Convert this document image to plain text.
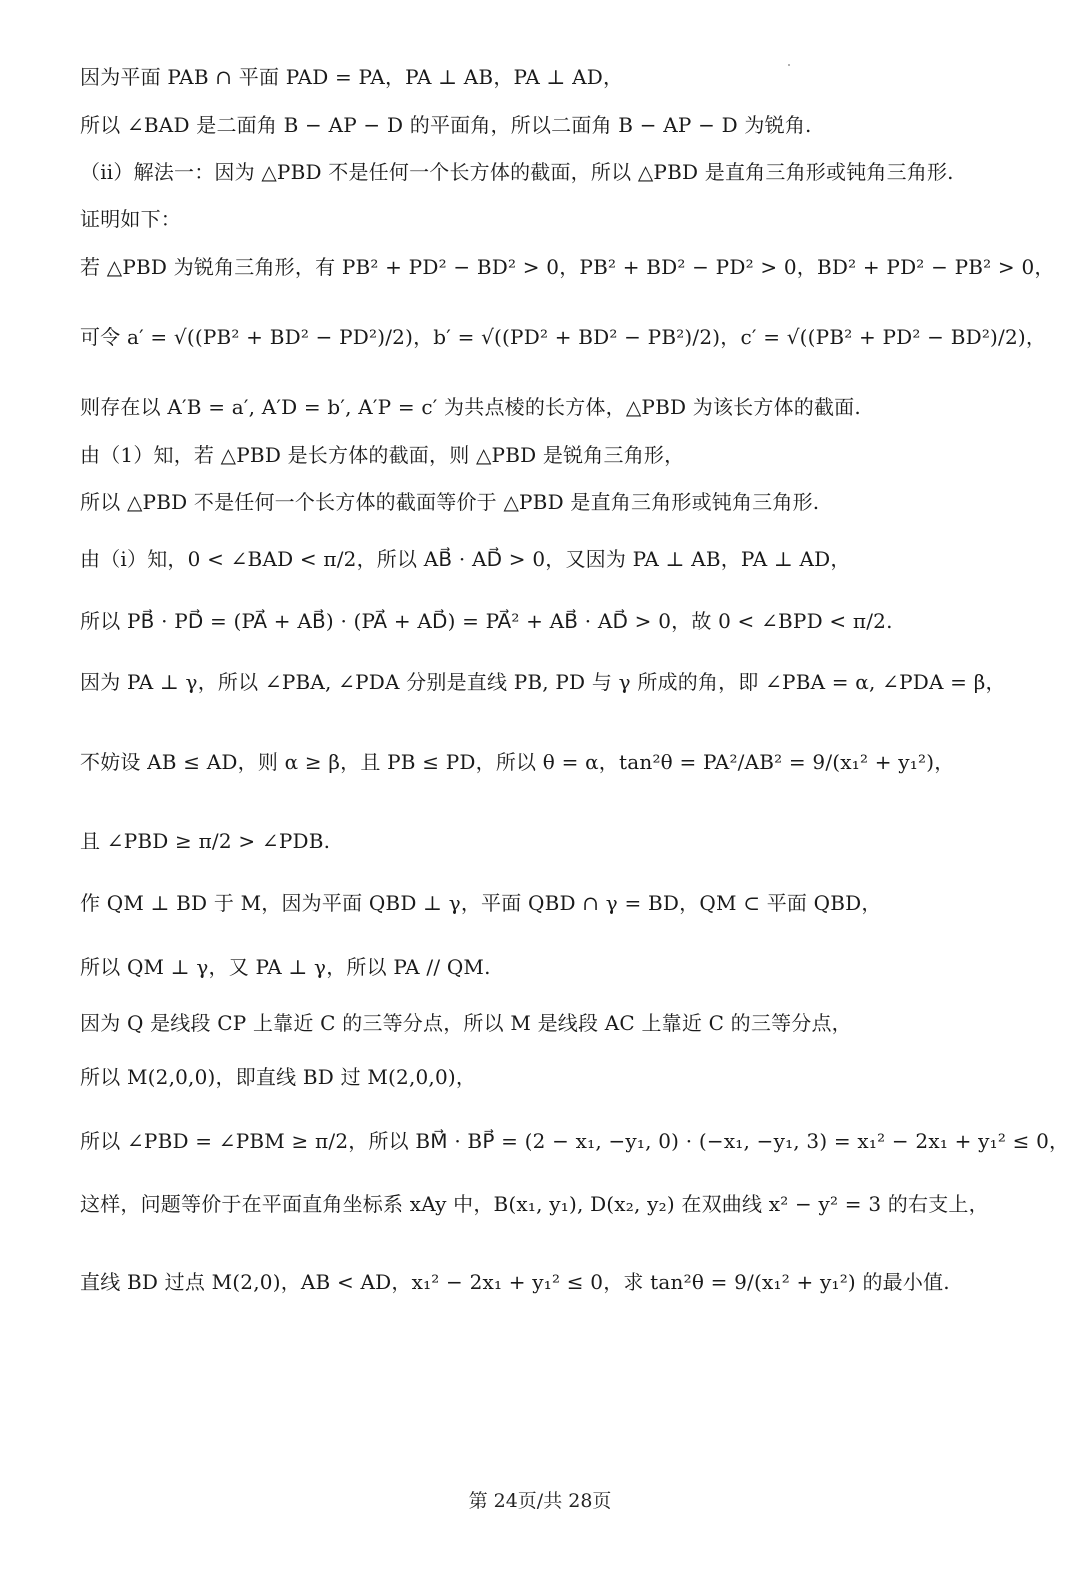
因为平面 PAB ∩ 平面 PAD = PA，PA ⊥ AB，PA ⊥ AD，
所以 ∠BAD 是二面角 B − AP − D 的平面角，所以二面角 B − AP − D 为锐角.
（ii）解法一：因为 △PBD 不是任何一个长方体的截面，所以 △PBD 是直角三角形或钝角三角形.
证明如下：
若 △PBD 为锐角三角形，有 PB² + PD² − BD² > 0，PB² + BD² − PD² > 0，BD² + PD² − PB² > 0，
可令 a′ = √((PB² + BD² − PD²)/2)，b′ = √((PD² + BD² − PB²)/2)，c′ = √((PB² + PD² − BD²)/2)，
则存在以 A′B = a′, A′D = b′, A′P = c′ 为共点棱的长方体，△PBD 为该长方体的截面.
由（1）知，若 △PBD 是长方体的截面，则 △PBD 是锐角三角形，
所以 △PBD 不是任何一个长方体的截面等价于 △PBD 是直角三角形或钝角三角形.
由（i）知，0 < ∠BAD < π/2，所以 AB⃗ · AD⃗ > 0，又因为 PA ⊥ AB，PA ⊥ AD，
所以 PB⃗ · PD⃗ = (PA⃗ + AB⃗) · (PA⃗ + AD⃗) = PA⃗² + AB⃗ · AD⃗ > 0，故 0 < ∠BPD < π/2.
因为 PA ⊥ γ，所以 ∠PBA, ∠PDA 分别是直线 PB, PD 与 γ 所成的角，即 ∠PBA = α, ∠PDA = β，
不妨设 AB ≤ AD，则 α ≥ β，且 PB ≤ PD，所以 θ = α，tan²θ = PA²/AB² = 9/(x₁² + y₁²)，
且 ∠PBD ≥ π/2 > ∠PDB.
作 QM ⊥ BD 于 M，因为平面 QBD ⊥ γ，平面 QBD ∩ γ = BD，QM ⊂ 平面 QBD，
所以 QM ⊥ γ，又 PA ⊥ γ，所以 PA // QM.
因为 Q 是线段 CP 上靠近 C 的三等分点，所以 M 是线段 AC 上靠近 C 的三等分点，
所以 M(2,0,0)，即直线 BD 过 M(2,0,0)，
所以 ∠PBD = ∠PBM ≥ π/2，所以 BM⃗ · BP⃗ = (2 − x₁, −y₁, 0) · (−x₁, −y₁, 3) = x₁² − 2x₁ + y₁² ≤ 0，
这样，问题等价于在平面直角坐标系 xAy 中，B(x₁, y₁), D(x₂, y₂) 在双曲线 x² − y² = 3 的右支上，
直线 BD 过点 M(2,0)，AB < AD，x₁² − 2x₁ + y₁² ≤ 0，求 tan²θ = 9/(x₁² + y₁²) 的最小值.
第 24页/共 28页
